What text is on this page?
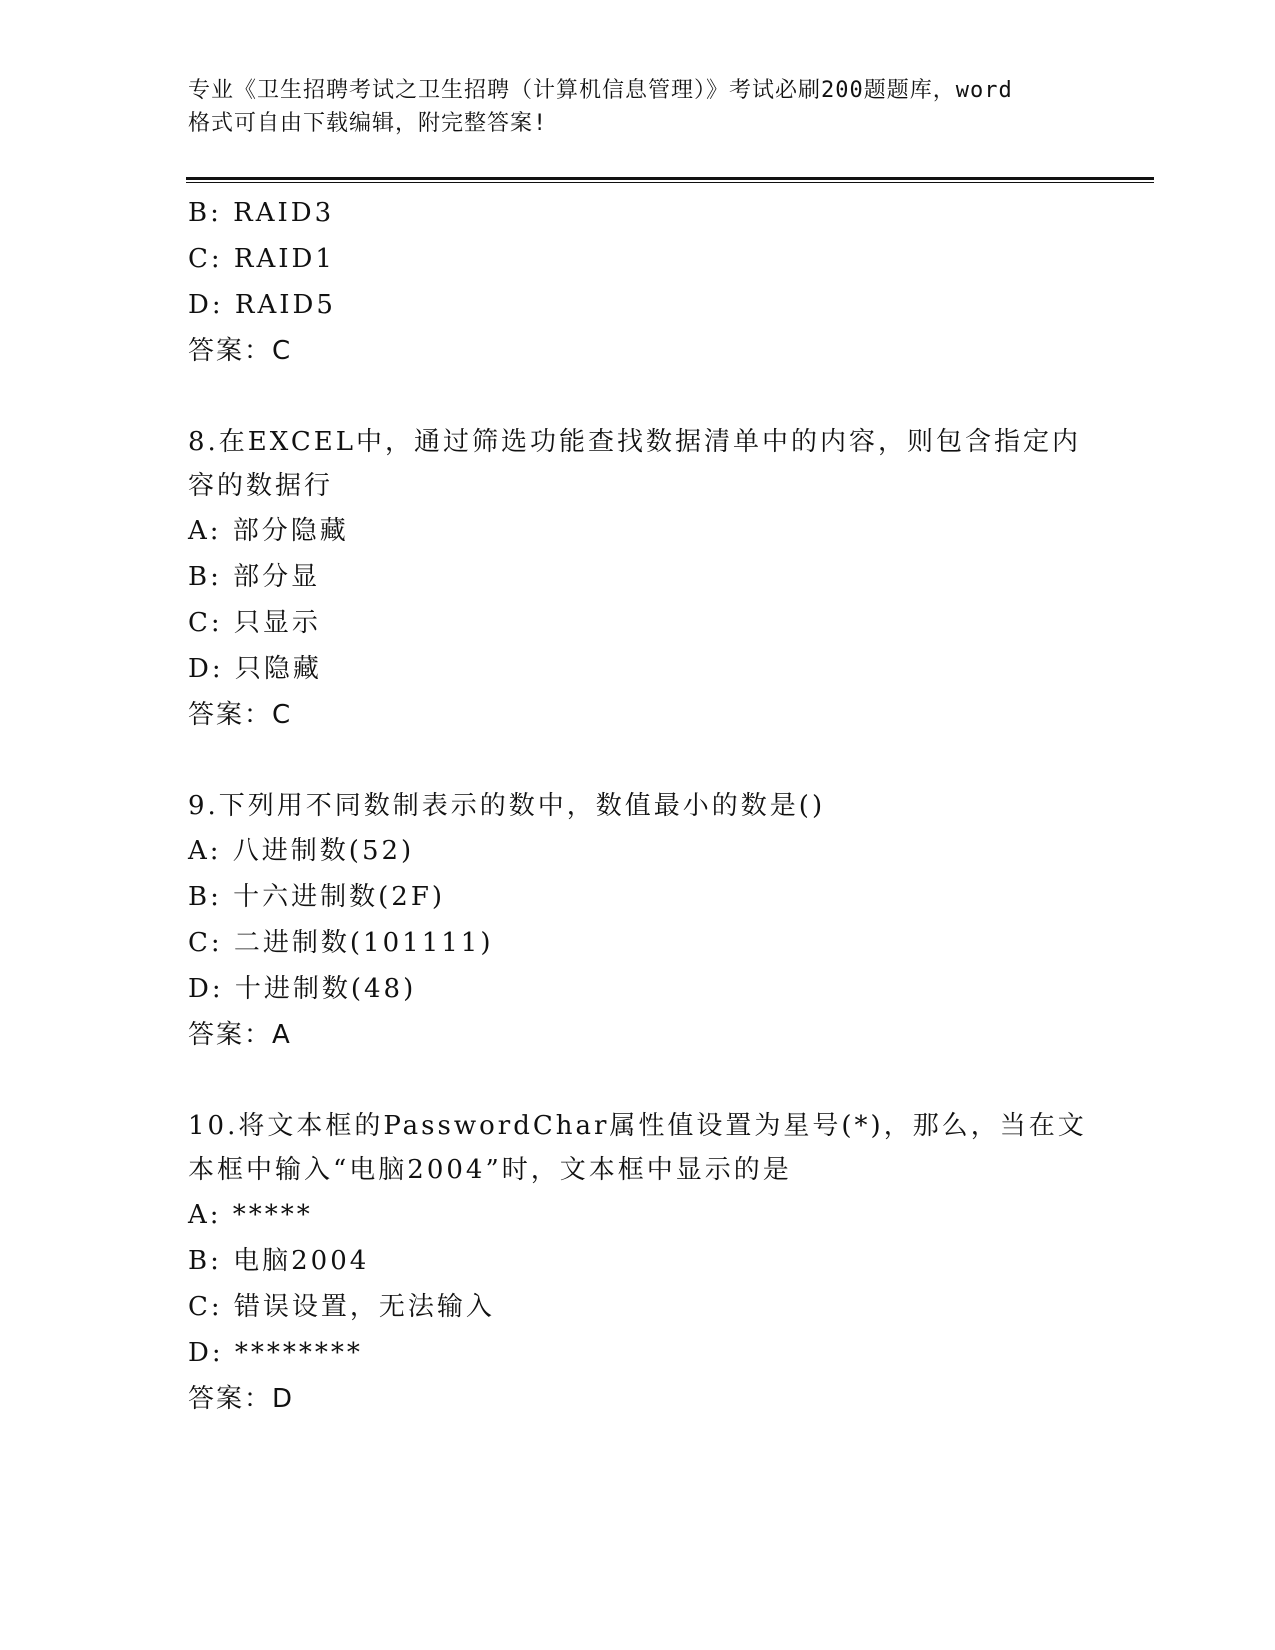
专业《卫生招聘考试之卫生招聘（计算机信息管理）》考试必刷200题题库，word
格式可自由下载编辑，附完整答案!
B: RAID3
C: RAID1
D: RAID5
答案：C
8.在EXCEL中，通过筛选功能查找数据清单中的内容，则包含指定内容的数据行
A: 部分隐藏
B: 部分显
C: 只显示
D: 只隐藏
答案：C
9.下列用不同数制表示的数中，数值最小的数是()
A: 八进制数(52)
B: 十六进制数(2F)
C: 二进制数(101111)
D: 十进制数(48)
答案：A
10.将文本框的PasswordChar属性值设置为星号(*)，那么，当在文本框中输入“电脑2004”时，文本框中显示的是
A: *****
B: 电脑2004
C: 错误设置，无法输入
D: ********
答案：D
